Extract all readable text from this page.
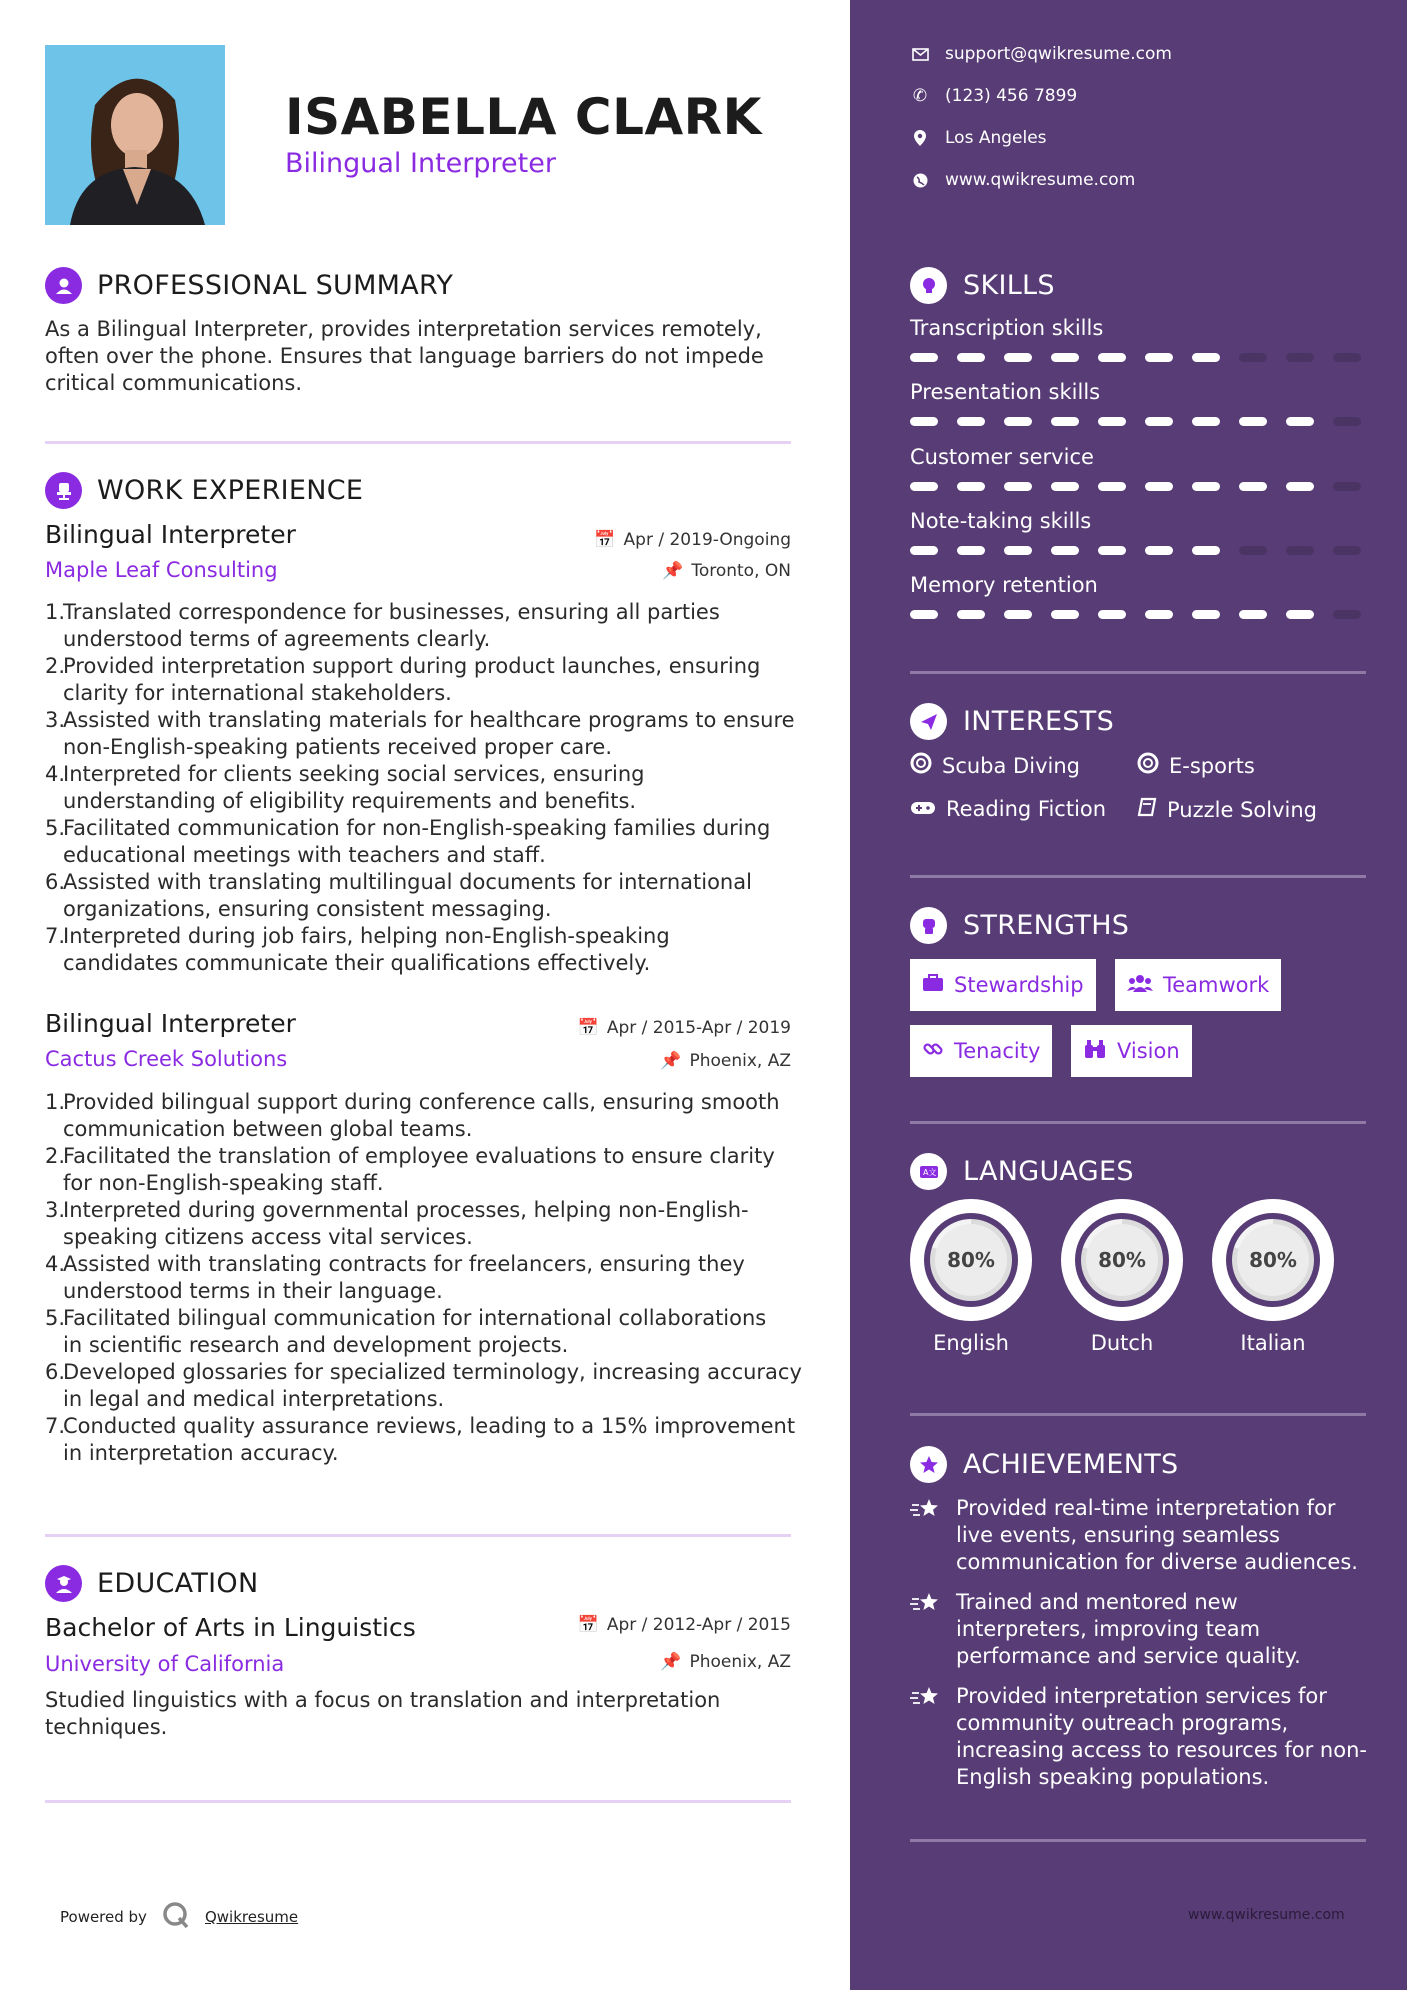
ISABELLA CLARK
Bilingual Interpreter
PROFESSIONAL SUMMARY
As a Bilingual Interpreter, provides interpretation services remotely, often over the phone. Ensures that language barriers do not impede critical communications.
WORK EXPERIENCE
Bilingual Interpreter	📅 Apr / 2019-Ongoing
Maple Leaf Consulting	📌 Toronto, ON
1.
Translated correspondence for businesses, ensuring all parties
understood terms of agreements clearly.
2.
Provided interpretation support during product launches, ensuring
clarity for international stakeholders.
3.
Assisted with translating materials for healthcare programs to ensure
non-English-speaking patients received proper care.
4.
Interpreted for clients seeking social services, ensuring
understanding of eligibility requirements and benefits.
5.
Facilitated communication for non-English-speaking families during
educational meetings with teachers and staff.
6.
Assisted with translating multilingual documents for international
organizations, ensuring consistent messaging.
7.
Interpreted during job fairs, helping non-English-speaking
candidates communicate their qualifications effectively.
Bilingual Interpreter	📅 Apr / 2015-Apr / 2019
Cactus Creek Solutions	📌 Phoenix, AZ
1.
Provided bilingual support during conference calls, ensuring smooth
communication between global teams.
2.
Facilitated the translation of employee evaluations to ensure clarity
for non-English-speaking staff.
3.
Interpreted during governmental processes, helping non-English-
speaking citizens access vital services.
4.
Assisted with translating contracts for freelancers, ensuring they
understood terms in their language.
5.
Facilitated bilingual communication for international collaborations
in scientific research and development projects.
6.
Developed glossaries for specialized terminology, increasing accuracy
in legal and medical interpretations.
7.
Conducted quality assurance reviews, leading to a 15% improvement
in interpretation accuracy.
EDUCATION
Bachelor of Arts in Linguistics	📅 Apr / 2012-Apr / 2015
University of California	📌 Phoenix, AZ
Studied linguistics with a focus on translation and interpretation
techniques.
Powered by	Qwikresume
support@qwikresume.com
✆ (123) 456 7899
Los Angeles
www.qwikresume.com
SKILLS
Transcription skills
Presentation skills
Customer service
Note-taking skills
Memory retention
INTERESTS
Scuba Diving	E-sports
Reading Fiction	Puzzle Solving
STRENGTHS
Stewardship	Teamwork
Tenacity	Vision
A文 LANGUAGES
80%
English
80%
Dutch
80%
Italian
ACHIEVEMENTS
Provided real-time interpretation for
live events, ensuring seamless
communication for diverse audiences.
Trained and mentored new
interpreters, improving team
performance and service quality.
Provided interpretation services for
community outreach programs,
increasing access to resources for non-
English speaking populations.
www.qwikresume.com
